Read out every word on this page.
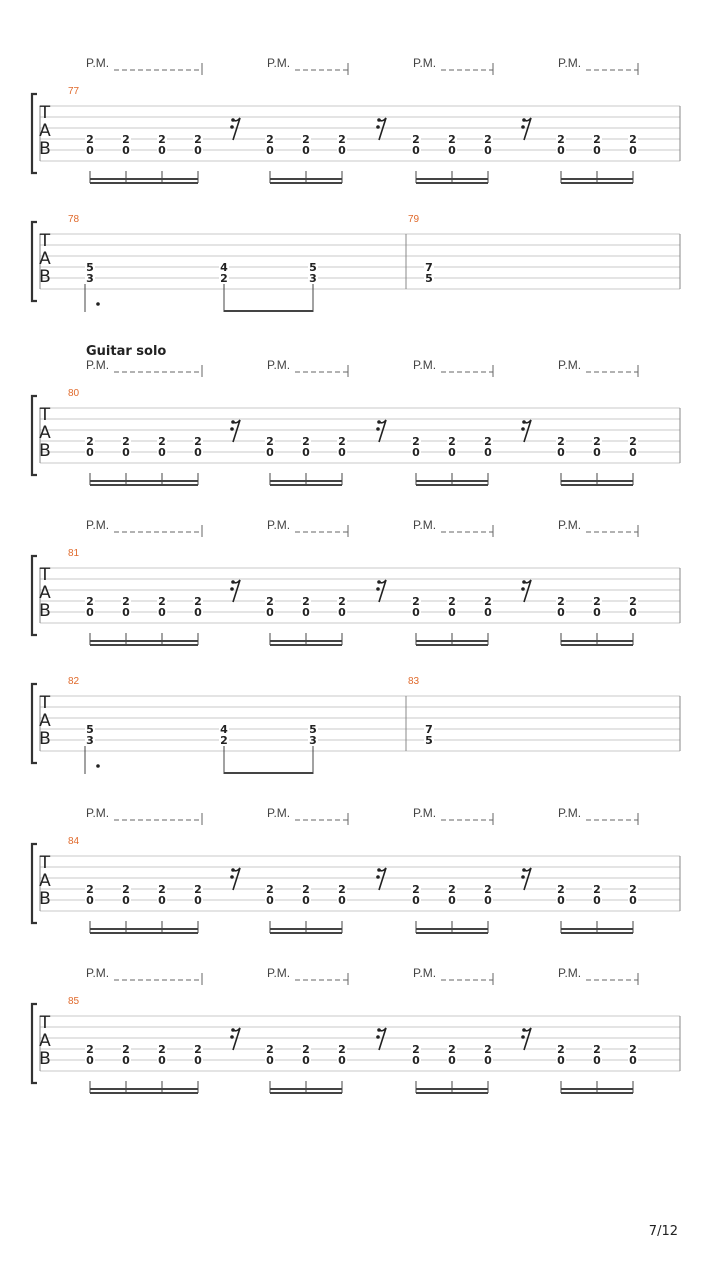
P.M.	P.M.	P.M.	P.M.
77
T
A
B	2
0
2
0
2
0
2
0
2
0
2
0
2
0
2
0
2
0
2
0
2
0
2
0
2
0
T
A
B
78	79
5
3
4
2
5
3
7
5
Guitar solo
P.M.	P.M.	P.M.	P.M.
80
T
A
B	2
0
2
0
2
0
2
0
2
0
2
0
2
0
2
0
2
0
2
0
2
0
2
0
2
0
P.M.	P.M.	P.M.	P.M.
81
T
A
B	2
0
2
0
2
0
2
0
2
0
2
0
2
0
2
0
2
0
2
0
2
0
2
0
2
0
T
A
B
82	83
5
3
4
2
5
3
7
5
P.M.	P.M.	P.M.	P.M.
84
T
A
B	2
0
2
0
2
0
2
0
2
0
2
0
2
0
2
0
2
0
2
0
2
0
2
0
2
0
P.M.	P.M.	P.M.	P.M.
85
T
A
B	2
0
2
0
2
0
2
0
2
0
2
0
2
0
2
0
2
0
2
0
2
0
2
0
2
0
7/12
